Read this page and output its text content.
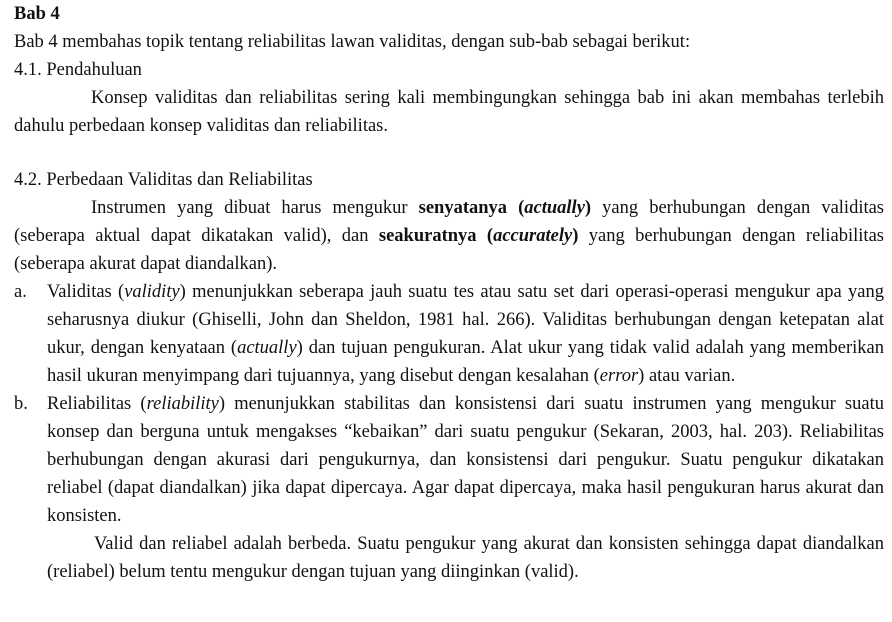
Bab 4
Bab 4 membahas topik tentang reliabilitas lawan validitas, dengan sub-bab sebagai berikut:
4.1. Pendahuluan
Konsep validitas dan reliabilitas sering kali membingungkan sehingga bab ini akan membahas terlebih dahulu perbedaan konsep validitas dan reliabilitas.
4.2. Perbedaan Validitas dan Reliabilitas
Instrumen yang dibuat harus mengukur senyatanya (actually) yang berhubungan dengan validitas (seberapa aktual dapat dikatakan valid), dan seakuratnya (accurately) yang berhubungan dengan reliabilitas (seberapa akurat dapat diandalkan).
a. Validitas (validity) menunjukkan seberapa jauh suatu tes atau satu set dari operasi-operasi mengukur apa yang seharusnya diukur (Ghiselli, John dan Sheldon, 1981 hal. 266). Validitas berhubungan dengan ketepatan alat ukur, dengan kenyataan (actually) dan tujuan pengukuran. Alat ukur yang tidak valid adalah yang memberikan hasil ukuran menyimpang dari tujuannya, yang disebut dengan kesalahan (error) atau varian.
b. Reliabilitas (reliability) menunjukkan stabilitas dan konsistensi dari suatu instrumen yang mengukur suatu konsep dan berguna untuk mengakses “kebaikan” dari suatu pengukur (Sekaran, 2003, hal. 203). Reliabilitas berhubungan dengan akurasi dari pengukurnya, dan konsistensi dari pengukur. Suatu pengukur dikatakan reliabel (dapat diandalkan) jika dapat dipercaya. Agar dapat dipercaya, maka hasil pengukuran harus akurat dan konsisten.
Valid dan reliabel adalah berbeda. Suatu pengukur yang akurat dan konsisten sehingga dapat diandalkan (reliabel) belum tentu mengukur dengan tujuan yang diinginkan (valid).
